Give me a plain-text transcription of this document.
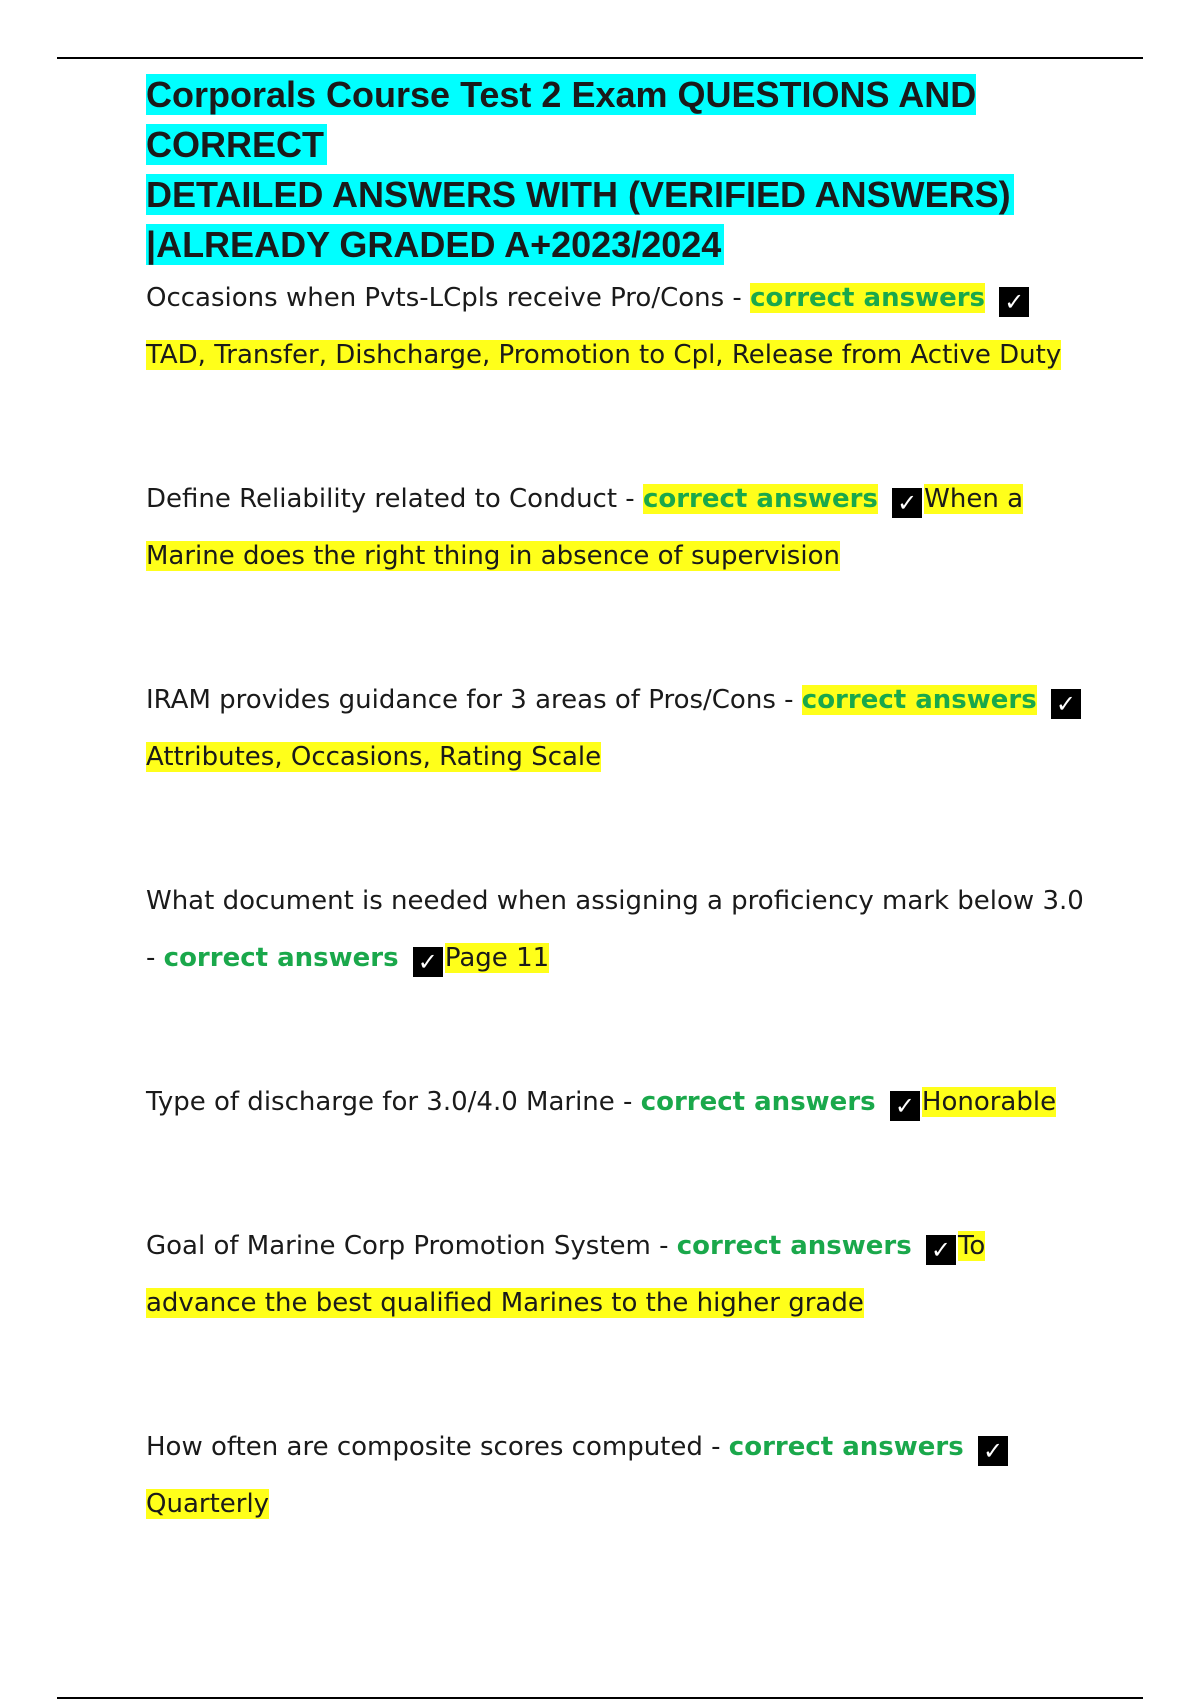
Corporals Course Test 2 Exam QUESTIONS AND CORRECT
DETAILED ANSWERS WITH (VERIFIED ANSWERS)
|ALREADY GRADED A+2023/2024

Occasions when Pvts-LCpls receive Pro/Cons - correct answers ✓TAD, Transfer, Dishcharge, Promotion to Cpl, Release from Active Duty

Define Reliability related to Conduct - correct answers ✓ When a Marine does the right thing in absence of supervision

IRAM provides guidance for 3 areas of Pros/Cons - correct answers ✓Attributes, Occasions, Rating Scale

What document is needed when assigning a proficiency mark below 3.0 - correct answers ✓ Page 11

Type of discharge for 3.0/4.0 Marine - correct answers ✓ Honorable

Goal of Marine Corp Promotion System - correct answers ✓ To advance the best qualified Marines to the higher grade

How often are composite scores computed - correct answers ✓Quarterly
